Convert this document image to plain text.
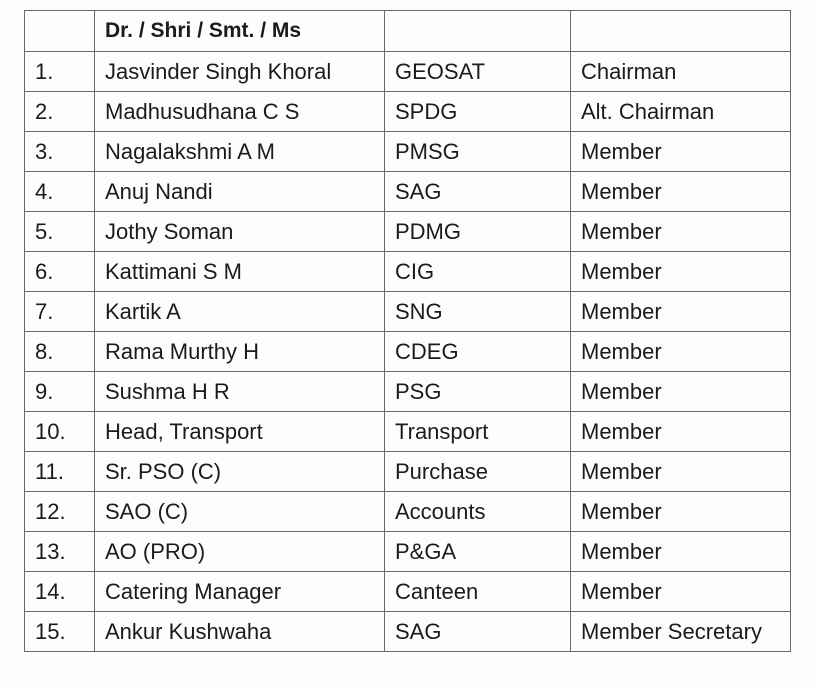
	Dr. / Shri / Smt. / Ms		
1.	Jasvinder Singh Khoral	GEOSAT	Chairman
2.	Madhusudhana C S	SPDG	Alt. Chairman
3.	Nagalakshmi A M	PMSG	Member
4.	Anuj Nandi	SAG	Member
5.	Jothy Soman	PDMG	Member
6.	Kattimani S M	CIG	Member
7.	Kartik A	SNG	Member
8.	Rama Murthy H	CDEG	Member
9.	Sushma H R	PSG	Member
10.	Head, Transport	Transport	Member
11.	Sr. PSO (C)	Purchase	Member
12.	SAO (C)	Accounts	Member
13.	AO (PRO)	P&GA	Member
14.	Catering Manager	Canteen	Member
15.	Ankur Kushwaha	SAG	Member Secretary
